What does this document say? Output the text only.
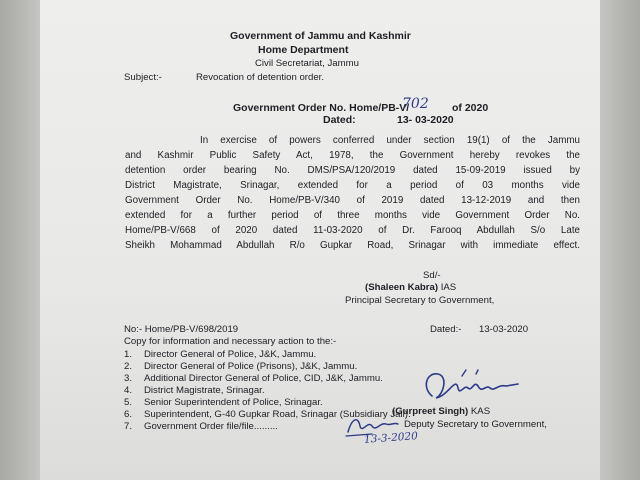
Government of Jammu and Kashmir
Home Department
Civil Secretariat, Jammu
Subject:-	Revocation of detention order.
Government Order No. Home/PB-V/
702 of 2020
Dated:	13- 03-2020
In exercise of powers conferred under section 19(1) of the Jammu
and Kashmir Public Safety Act, 1978, the Government hereby revokes the
detention order bearing No. DMS/PSA/120/2019 dated 15-09-2019 issued by
District Magistrate, Srinagar, extended for a period of 03 months vide
Government Order No. Home/PB-V/340 of 2019 dated 13-12-2019 and then
extended for a further period of three months vide Government Order No.
Home/PB-V/668 of 2020 dated 11-03-2020 of Dr. Farooq Abdullah S/o Late
Sheikh Mohammad Abdullah R/o Gupkar Road, Srinagar with immediate effect.
Sd/-
(Shaleen Kabra) IAS
Principal Secretary to Government,
No:- Home/PB-V/698/2019	Dated:- 13-03-2020
Copy for information and necessary action to the:-
1. Director General of Police, J&K, Jammu.
2. Director General of Police (Prisons), J&K, Jammu.
3. Additional Director General of Police, CID, J&K, Jammu.
4. District Magistrate, Srinagar.
5. Senior Superintendent of Police, Srinagar.
6. Superintendent, G-40 Gupkar Road, Srinagar (Subsidiary Jail).
7. Government Order file/file.........
(Gurpreet Singh) KAS
Deputy Secretary to Government,
13-3-2020
